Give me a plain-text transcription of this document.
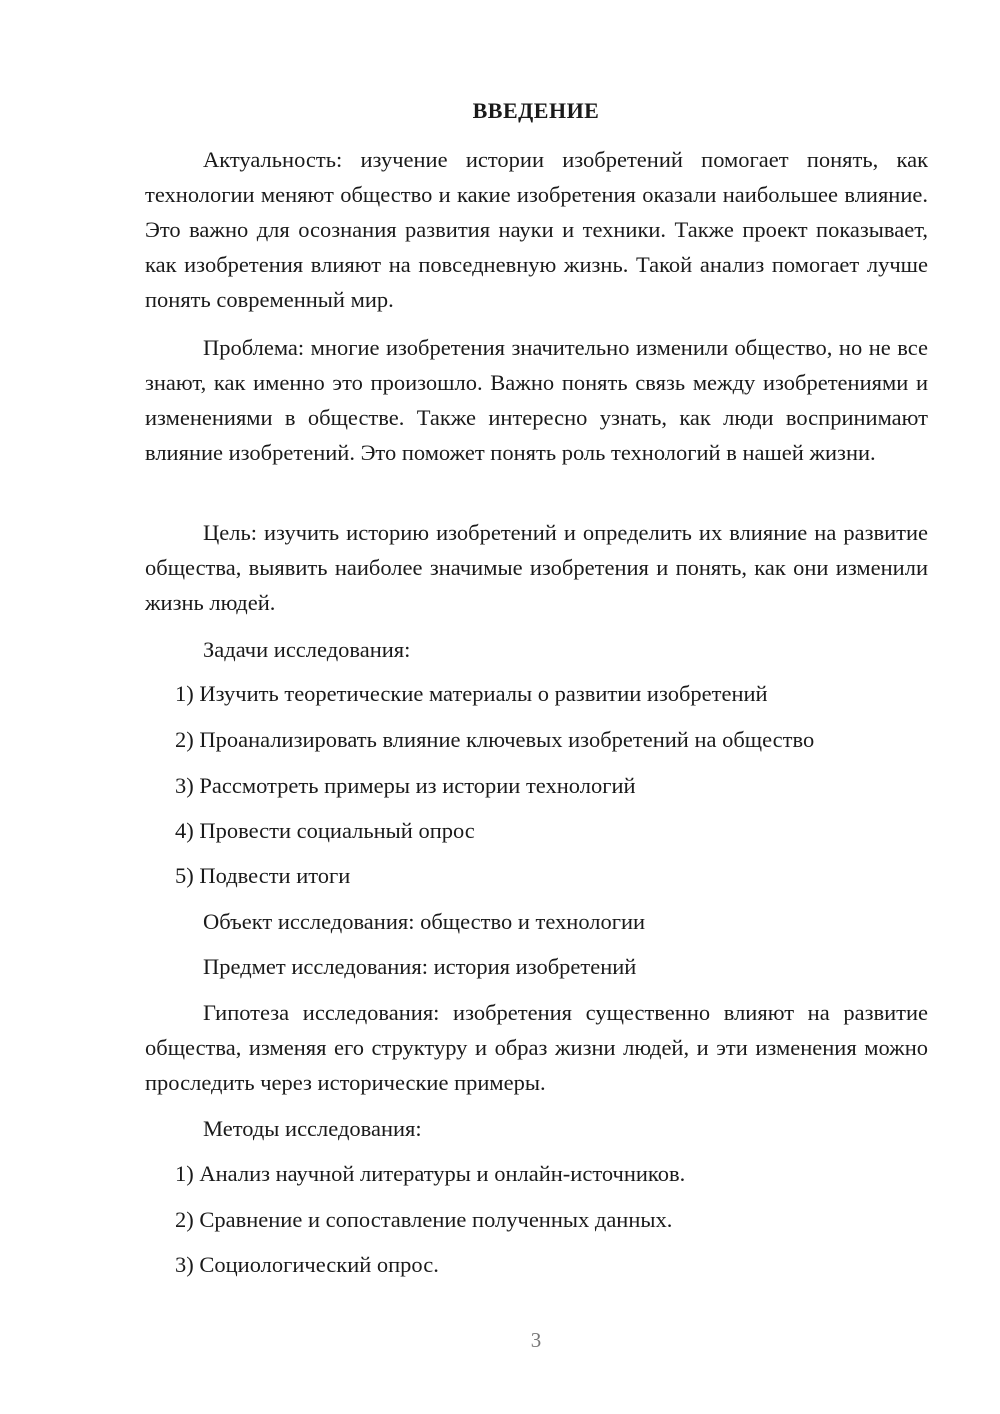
ВВЕДЕНИЕ

Актуальность: изучение истории изобретений помогает понять, как технологии меняют общество и какие изобретения оказали наибольшее влияние. Это важно для осознания развития науки и техники. Также проект показывает, как изобретения влияют на повседневную жизнь. Такой анализ помогает лучше понять современный мир.

Проблема: многие изобретения значительно изменили общество, но не все знают, как именно это произошло. Важно понять связь между изобретениями и изменениями в обществе. Также интересно узнать, как люди воспринимают влияние изобретений. Это поможет понять роль технологий в нашей жизни.

Цель: изучить историю изобретений и определить их влияние на развитие общества, выявить наиболее значимые изобретения и понять, как они изменили жизнь людей.

Задачи исследования:

1) Изучить теоретические материалы о развитии изобретений

2) Проанализировать влияние ключевых изобретений на общество

3) Рассмотреть примеры из истории технологий

4) Провести социальный опрос

5) Подвести итоги

Объект исследования: общество и технологии

Предмет исследования: история изобретений

Гипотеза исследования: изобретения существенно влияют на развитие общества, изменяя его структуру и образ жизни людей, и эти изменения можно проследить через исторические примеры.

Методы исследования:

1) Анализ научной литературы и онлайн-источников.

2) Сравнение и сопоставление полученных данных.

3) Социологический опрос.

3
